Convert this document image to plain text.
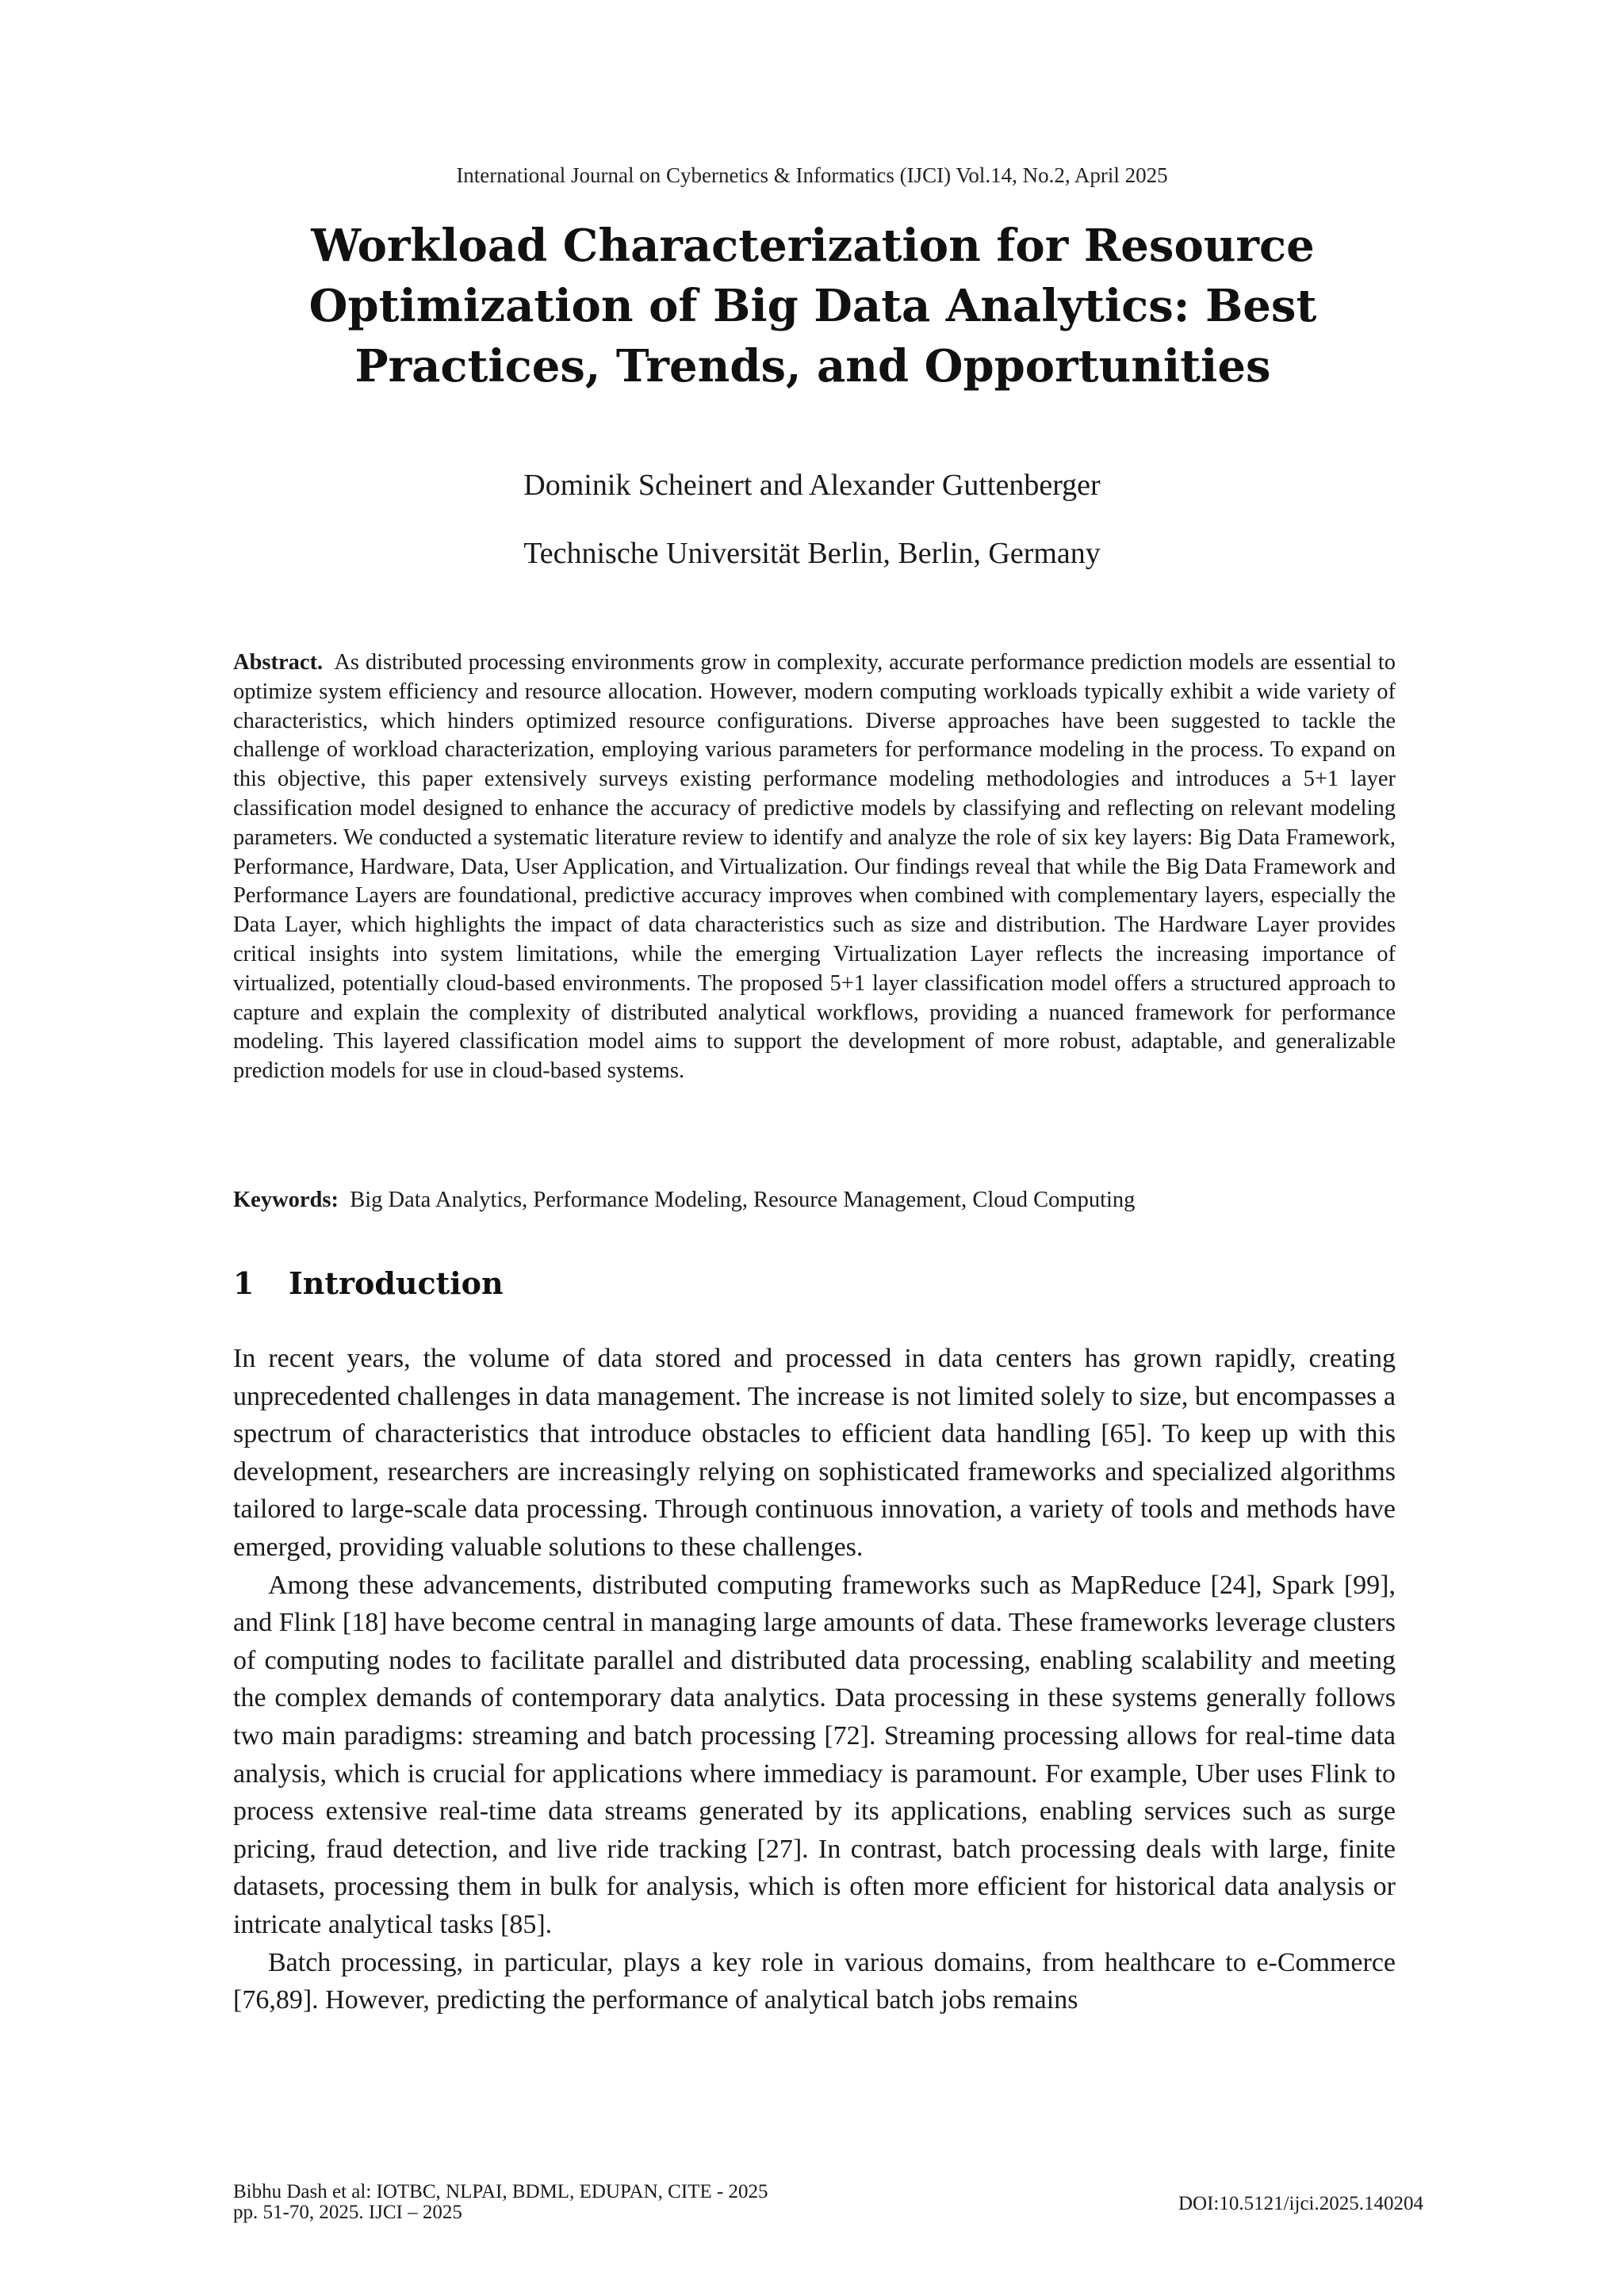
International Journal on Cybernetics & Informatics (IJCI) Vol.14, No.2, April 2025
Workload Characterization for Resource Optimization of Big Data Analytics: Best Practices, Trends, and Opportunities
Dominik Scheinert and Alexander Guttenberger
Technische Universität Berlin, Berlin, Germany

Abstract. As distributed processing environments grow in complexity, accurate performance prediction models are essential to optimize system efficiency and resource allocation. However, modern computing workloads typically exhibit a wide variety of characteristics, which hinders optimized resource configurations. Diverse approaches have been suggested to tackle the challenge of workload characterization, employing various parameters for performance modeling in the process. To expand on this objective, this paper extensively surveys existing performance modeling methodologies and introduces a 5+1 layer classification model designed to enhance the accuracy of predictive models by classifying and reflecting on relevant modeling parameters. We conducted a systematic literature review to identify and analyze the role of six key layers: Big Data Framework, Performance, Hardware, Data, User Application, and Virtualization. Our findings reveal that while the Big Data Framework and Performance Layers are foundational, predictive accuracy improves when combined with complementary layers, especially the Data Layer, which highlights the impact of data characteristics such as size and distribution. The Hardware Layer provides critical insights into system limitations, while the emerging Virtualization Layer reflects the increasing importance of virtualized, potentially cloud-based environments. The proposed 5+1 layer classification model offers a structured approach to capture and explain the complexity of distributed analytical workflows, providing a nuanced framework for performance modeling. This layered classification model aims to support the development of more robust, adaptable, and generalizable prediction models for use in cloud-based systems.

Keywords: Big Data Analytics, Performance Modeling, Resource Management, Cloud Computing

1 Introduction

In recent years, the volume of data stored and processed in data centers has grown rapidly, creating unprecedented challenges in data management. The increase is not limited solely to size, but encompasses a spectrum of characteristics that introduce obstacles to efficient data handling [65]. To keep up with this development, researchers are increasingly relying on sophisticated frameworks and specialized algorithms tailored to large-scale data processing. Through continuous innovation, a variety of tools and methods have emerged, providing valuable solutions to these challenges.

Among these advancements, distributed computing frameworks such as MapReduce [24], Spark [99], and Flink [18] have become central in managing large amounts of data. These frameworks leverage clusters of computing nodes to facilitate parallel and distributed data processing, enabling scalability and meeting the complex demands of contemporary data analytics. Data processing in these systems generally follows two main paradigms: streaming and batch processing [72]. Streaming processing allows for real-time data analysis, which is crucial for applications where immediacy is paramount. For example, Uber uses Flink to process extensive real-time data streams generated by its applications, enabling services such as surge pricing, fraud detection, and live ride tracking [27]. In contrast, batch processing deals with large, finite datasets, processing them in bulk for analysis, which is often more efficient for historical data analysis or intricate analytical tasks [85].

Batch processing, in particular, plays a key role in various domains, from healthcare to e-Commerce [76,89]. However, predicting the performance of analytical batch jobs remains

Bibhu Dash et al: IOTBC, NLPAI, BDML, EDUPAN, CITE - 2025
pp. 51-70, 2025. IJCI – 2025	DOI:10.5121/ijci.2025.140204
